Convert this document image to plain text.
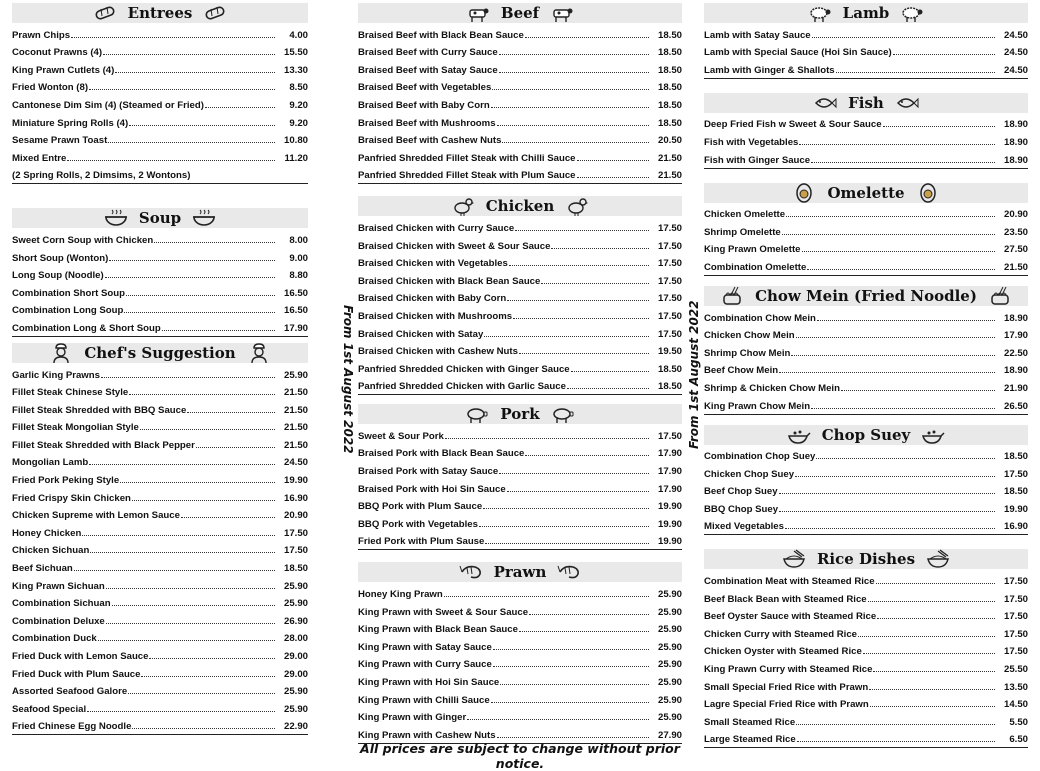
Entrees
Prawn Chips	4.00
Coconut Prawns (4)	15.50
King Prawn Cutlets (4)	13.30
Fried Wonton (8)	8.50
Cantonese Dim Sim (4) (Steamed or Fried)	9.20
Miniature Spring Rolls (4)	9.20
Sesame Prawn Toast	10.80
Mixed Entre	11.20
(2 Spring Rolls, 2 Dimsims, 2 Wontons)
Soup
Sweet Corn Soup with Chicken	8.00
Short Soup (Wonton)	9.00
Long Soup (Noodle)	8.80
Combination Short Soup	16.50
Combination Long Soup	16.50
Combination Long & Short Soup	17.90
Chef's Suggestion
Garlic King Prawns	25.90
Fillet Steak Chinese Style	21.50
Fillet Steak Shredded with BBQ Sauce	21.50
Fillet Steak Mongolian Style	21.50
Fillet Steak Shredded with Black Pepper	21.50
Mongolian Lamb	24.50
Fried Pork Peking Style	19.90
Fried Crispy Skin Chicken	16.90
Chicken Supreme with Lemon Sauce	20.90
Honey Chicken	17.50
Chicken Sichuan	17.50
Beef Sichuan	18.50
King Prawn Sichuan	25.90
Combination Sichuan	25.90
Combination Deluxe	26.90
Combination Duck	28.00
Fried Duck with Lemon Sauce	29.00
Fried Duck with Plum Sauce	29.00
Assorted Seafood Galore	25.90
Seafood Special	25.90
Fried Chinese Egg Noodle	22.90
Beef
Braised Beef with Black Bean Sauce	18.50
Braised Beef with Curry Sauce	18.50
Braised Beef with Satay Sauce	18.50
Braised Beef with Vegetables	18.50
Braised Beef with Baby Corn	18.50
Braised Beef with Mushrooms	18.50
Braised Beef with Cashew Nuts	20.50
Panfried Shredded Fillet Steak with Chilli Sauce	21.50
Panfried Shredded Fillet Steak with Plum Sauce	21.50
Chicken
Braised Chicken with Curry Sauce	17.50
Braised Chicken with Sweet & Sour Sauce	17.50
Braised Chicken with Vegetables	17.50
Braised Chicken with Black Bean Sauce	17.50
Braised Chicken with Baby Corn	17.50
Braised Chicken with Mushrooms	17.50
Braised Chicken with Satay	17.50
Braised Chicken with Cashew Nuts	19.50
Panfried Shredded Chicken with Ginger Sauce	18.50
Panfried Shredded Chicken with Garlic Sauce	18.50
Pork
Sweet & Sour Pork	17.50
Braised Pork with Black Bean Sauce	17.90
Braised Pork with Satay Sauce	17.90
Braised Pork with Hoi Sin Sauce	17.90
BBQ Pork with Plum Sauce	19.90
BBQ Pork with Vegetables	19.90
Fried Pork with Plum Sause	19.90
Prawn
Honey King Prawn	25.90
King Prawn with Sweet & Sour Sauce	25.90
King Prawn with Black Bean Sauce	25.90
King Prawn with Satay Sauce	25.90
King Prawn with Curry Sauce	25.90
King Prawn with Hoi Sin Sauce	25.90
King Prawn with Chilli Sauce	25.90
King Prawn with Ginger	25.90
King Prawn with Cashew Nuts	27.90
Lamb
Lamb with Satay Sauce	24.50
Lamb with Special Sauce (Hoi Sin Sauce)	24.50
Lamb with Ginger & Shallots	24.50
Fish
Deep Fried Fish w Sweet & Sour Sauce	18.90
Fish with Vegetables	18.90
Fish with Ginger Sauce	18.90
Omelette
Chicken Omelette	20.90
Shrimp Omelette	23.50
King Prawn Omelette	27.50
Combination Omelette	21.50
Chow Mein (Fried Noodle)
Combination Chow Mein	18.90
Chicken Chow Mein	17.90
Shrimp Chow Mein	22.50
Beef Chow Mein	18.90
Shrimp & Chicken Chow Mein	21.90
King Prawn Chow Mein	26.50
Chop Suey
Combination Chop Suey	18.50
Chicken Chop Suey	17.50
Beef Chop Suey	18.50
BBQ Chop Suey	19.90
Mixed Vegetables	16.90
Rice Dishes
Combination Meat with Steamed Rice	17.50
Beef Black Bean with Steamed Rice	17.50
Beef Oyster Sauce with Steamed Rice	17.50
Chicken Curry with Steamed Rice	17.50
Chicken Oyster with Steamed Rice	17.50
King Prawn Curry with Steamed Rice	25.50
Small Special Fried Rice with Prawn	13.50
Lagre Special Fried Rice with Prawn	14.50
Small Steamed Rice	5.50
Large Steamed Rice	6.50
From 1st August 2022	From 1st August 2022
All prices are subject to change without prior notice.
